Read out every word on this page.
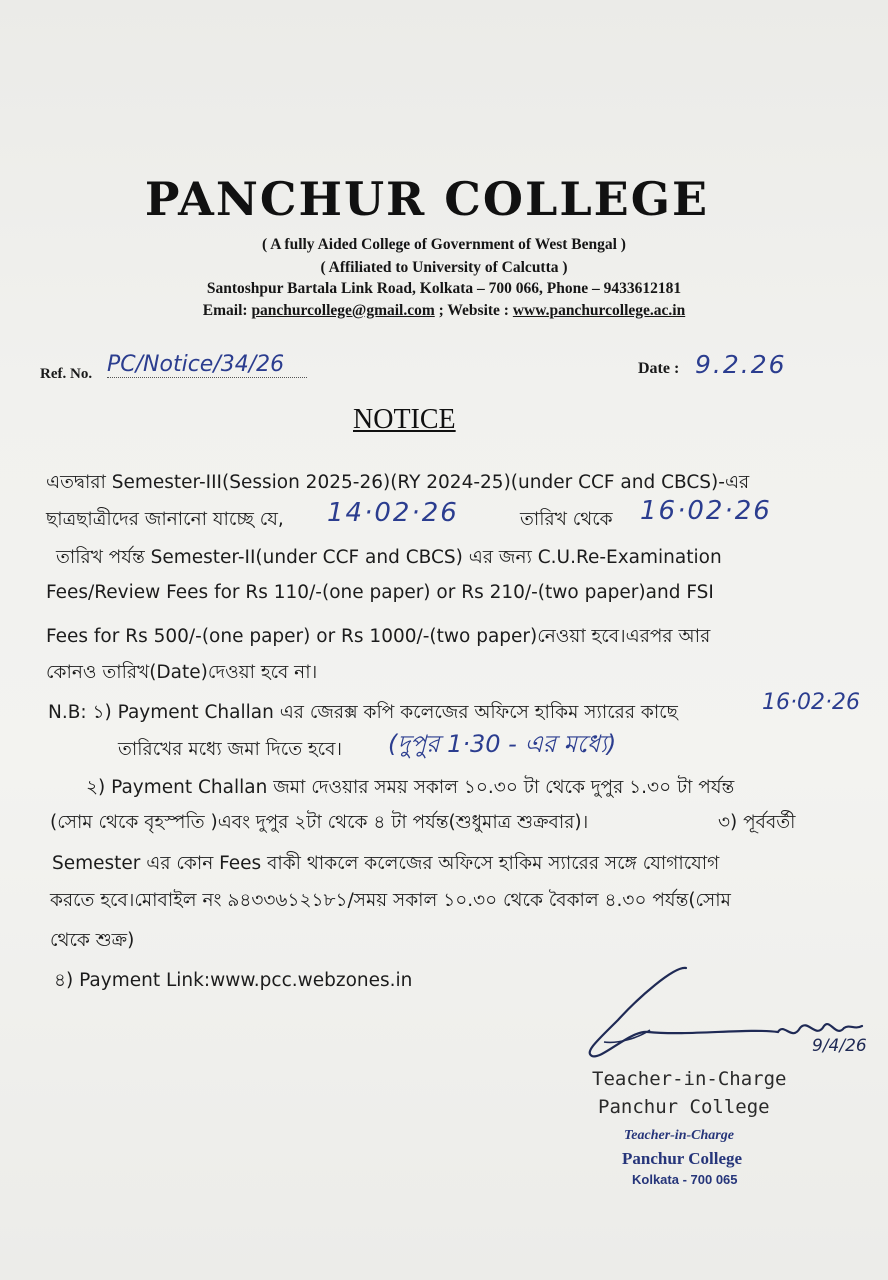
PANCHUR COLLEGE
( A fully Aided College of Government of West Bengal )
( Affiliated to University of Calcutta )
Santoshpur Bartala Link Road, Kolkata – 700 066, Phone – 9433612181
Email: panchurcollege@gmail.com ; Website : www.panchurcollege.ac.in
Ref. No. PC/Notice/34/26	Date : 9.2.26
NOTICE
এতদ্বারা Semester-III(Session 2025-26)(RY 2024-25)(under CCF and CBCS)-এর
ছাত্রছাত্রীদের জানানো যাচ্ছে যে, 14·02·26	তারিখ থেকে 16·02·26
তারিখ পর্যন্ত Semester-II(under CCF and CBCS) এর জন্য C.U.Re-Examination
Fees/Review Fees for Rs 110/-(one paper) or Rs 210/-(two paper)and FSI
Fees for Rs 500/-(one paper) or Rs 1000/-(two paper)নেওয়া হবে।এরপর আর
কোনও তারিখ(Date)দেওয়া হবে না।
N.B: ১) Payment Challan এর জেরক্স কপি কলেজের অফিসে হাকিম স্যারের কাছে	16·02·26
তারিখের মধ্যে জমা দিতে হবে। (দুপুর 1·30 - এর মধ্যে)
২) Payment Challan জমা দেওয়ার সময় সকাল ১০.৩০ টা থেকে দুপুর ১.৩০ টা পর্যন্ত
(সোম থেকে বৃহস্পতি )এবং দুপুর ২টা থেকে ৪ টা পর্যন্ত(শুধুমাত্র শুক্রবার)।	৩) পূর্ববর্তী
Semester এর কোন Fees বাকী থাকলে কলেজের অফিসে হাকিম স্যারের সঙ্গে যোগাযোগ
করতে হবে।মোবাইল নং ৯৪৩৩৬১২১৮১/সময় সকাল ১০.৩০ থেকে বৈকাল ৪.৩০ পর্যন্ত(সোম
থেকে শুক্র)
৪) Payment Link:www.pcc.webzones.in
9/4/26
Teacher-in-Charge
Panchur College
Teacher-in-Charge
Panchur College
Kolkata - 700 065
